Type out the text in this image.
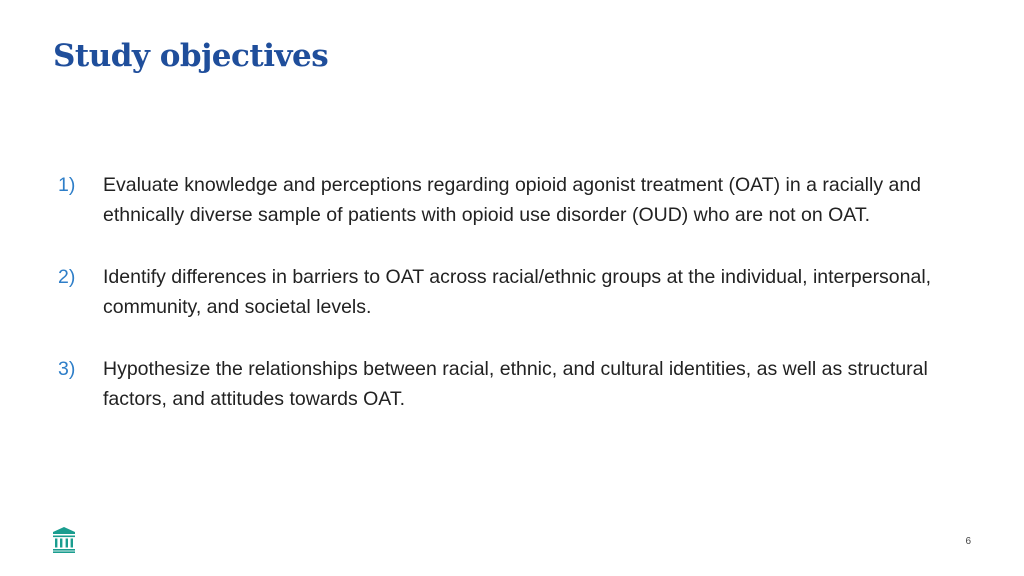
Study objectives
1)	Evaluate knowledge and perceptions regarding opioid agonist treatment (OAT) in a racially and ethnically diverse sample of patients with opioid use disorder (OUD) who are not on OAT.
2)	Identify differences in barriers to OAT across racial/ethnic groups at the individual, interpersonal, community, and societal levels.
3)	Hypothesize the relationships between racial, ethnic, and cultural identities, as well as structural factors, and attitudes towards OAT.
6
